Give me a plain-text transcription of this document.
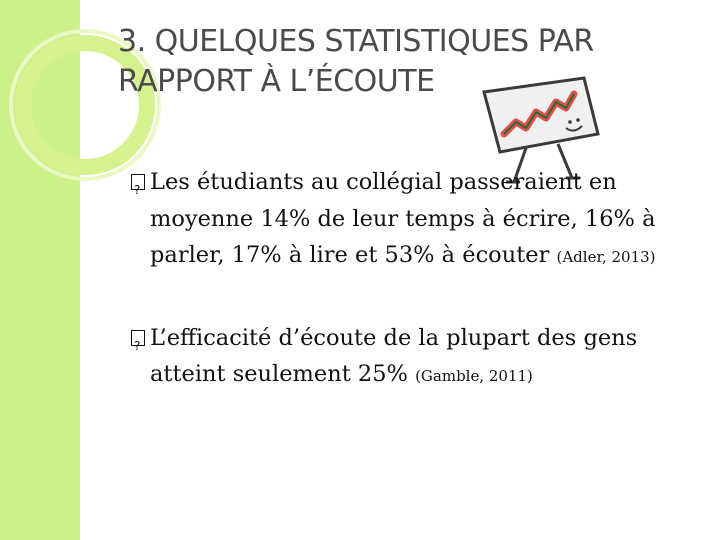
3. QUELQUES STATISTIQUES PAR
RAPPORT À L’ÉCOUTE
?
Les étudiants au collégial passeraient en moyenne 14% de leur temps à écrire, 16% à parler, 17% à lire et 53% à écouter (Adler, 2013)
?
L’efficacité d’écoute de la plupart des gens atteint seulement 25% (Gamble, 2011)
